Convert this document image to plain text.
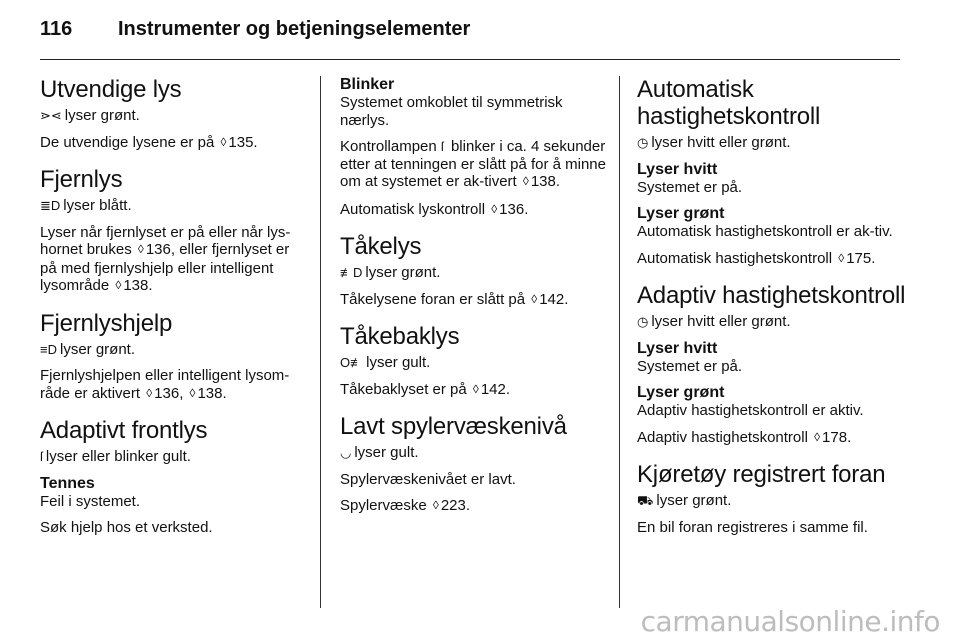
116 Instrumenter og betjeningselementer
Utvendige lys

⋗⋖ lyser grønt.

De utvendige lysene er på ◊ 135.

Fjernlys

≣D lyser blått.

Lyser når fjernlyset er på eller når lys-hornet brukes ◊ 136, eller fjernlyset er på med fjernlyshjelp eller intelligent lysområde ◊ 138.

Fjernlyshjelp

≡D lyser grønt.

Fjernlyshjelpen eller intelligent lysom-råde er aktivert ◊ 136, ◊ 138.

Adaptivt frontlys

ſ lyser eller blinker gult.

Tennes

Feil i systemet.

Søk hjelp hos et verksted.

Blinker

Systemet omkoblet til symmetrisk nærlys.

Kontrollampen ſ blinker i ca. 4 sekunder etter at tenningen er slått på for å minne om at systemet er ak-tivert ◊ 138.

Automatisk lyskontroll ◊ 136.

Tåkelys

≢D lyser grønt.

Tåkelysene foran er slått på ◊ 142.

Tåkebaklys

O≢ lyser gult.

Tåkebaklyset er på ◊ 142.

Lavt spylervæskenivå

◡ lyser gult.

Spylervæskenivået er lavt.

Spylervæske ◊ 223.

Automatisk hastighetskontroll

◷ lyser hvitt eller grønt.

Lyser hvitt

Systemet er på.

Lyser grønt

Automatisk hastighetskontroll er ak-tiv.

Automatisk hastighetskontroll ◊ 175.

Adaptiv hastighetskontroll

◷ lyser hvitt eller grønt.

Lyser hvitt

Systemet er på.

Lyser grønt

Adaptiv hastighetskontroll er aktiv.

Adaptiv hastighetskontroll ◊ 178.

Kjøretøy registrert foran

⛟ lyser grønt.

En bil foran registreres i samme fil.

carmanualsonline.info
